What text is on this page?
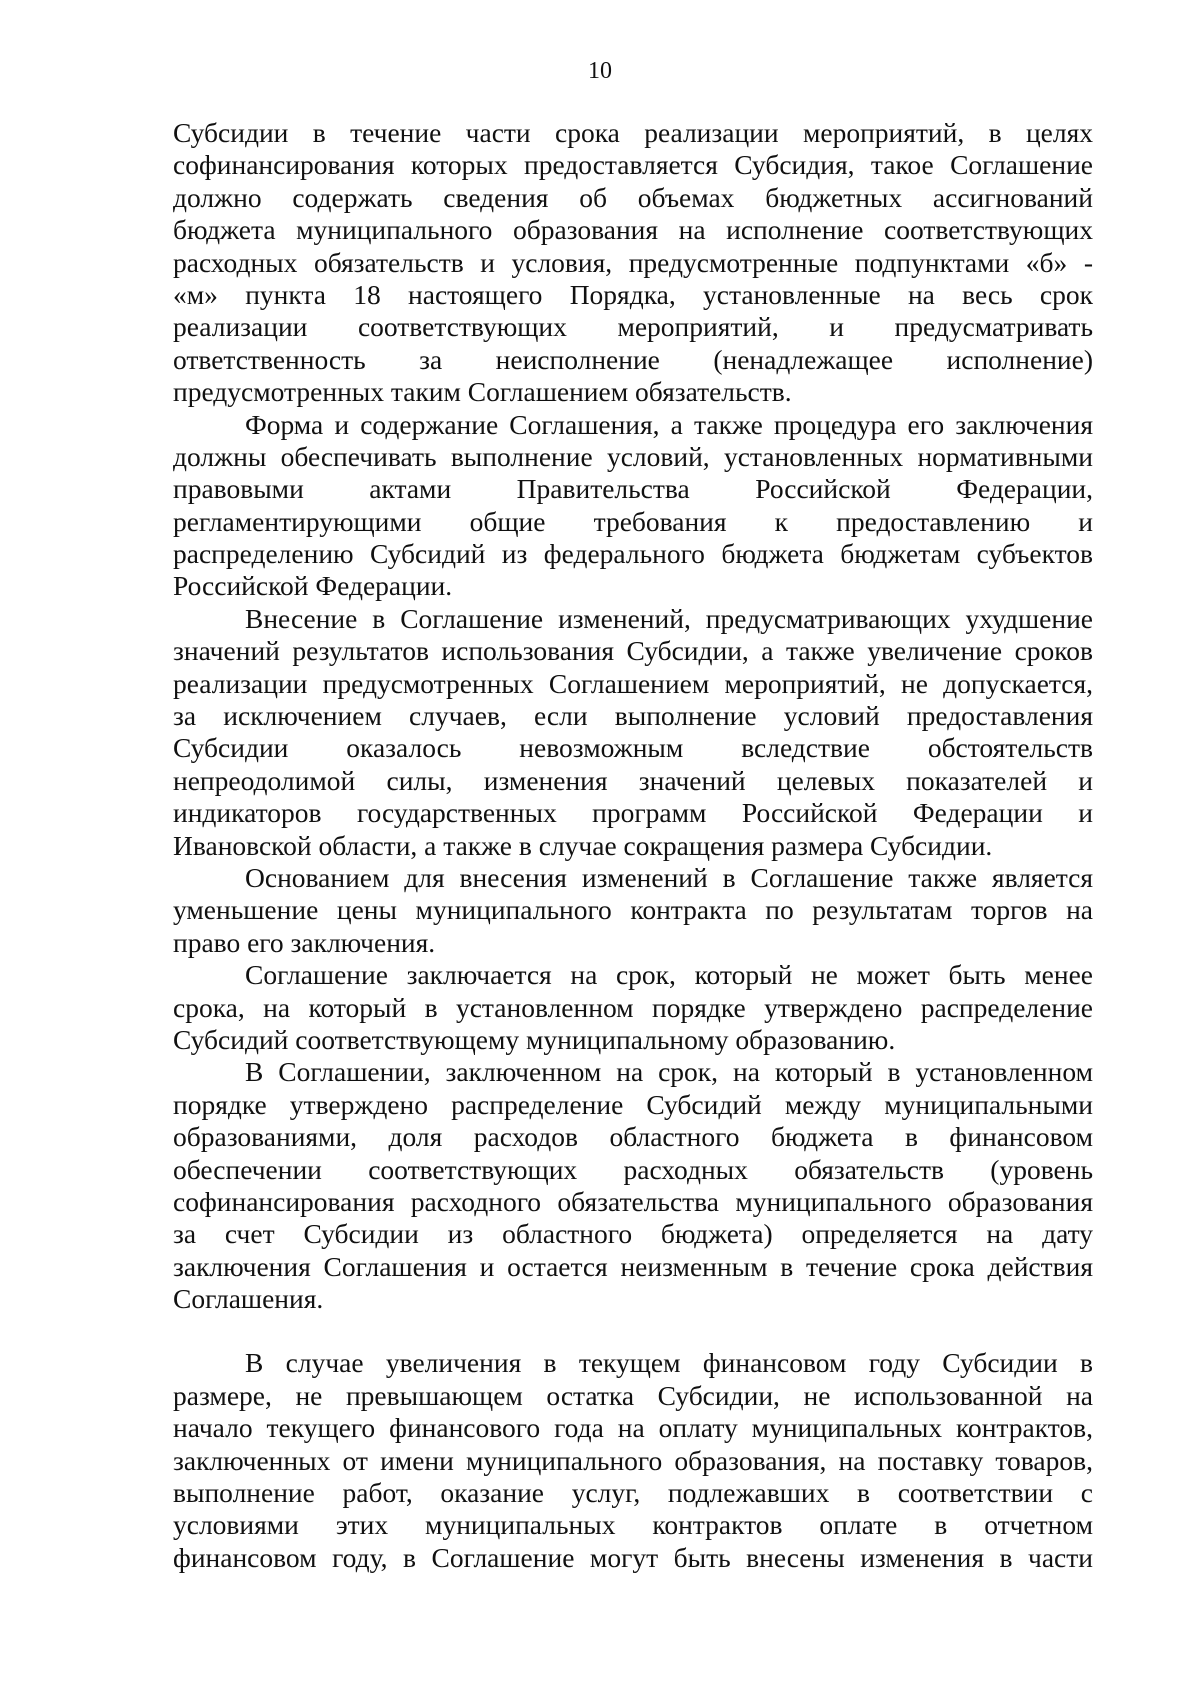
10

Субсидии в течение части срока реализации мероприятий, в целях
софинансирования которых предоставляется Субсидия, такое Соглашение
должно содержать сведения об объемах бюджетных ассигнований
бюджета муниципального образования на исполнение соответствующих
расходных обязательств и условия, предусмотренные подпунктами «б» -
«м» пункта 18 настоящего Порядка, установленные на весь срок
реализации соответствующих мероприятий, и предусматривать
ответственность за неисполнение (ненадлежащее исполнение)
предусмотренных таким Соглашением обязательств.

Форма и содержание Соглашения, а также процедура его заключения
должны обеспечивать выполнение условий, установленных нормативными
правовыми актами Правительства Российской Федерации,
регламентирующими общие требования к предоставлению и
распределению Субсидий из федерального бюджета бюджетам субъектов
Российской Федерации.

Внесение в Соглашение изменений, предусматривающих ухудшение
значений результатов использования Субсидии, а также увеличение сроков
реализации предусмотренных Соглашением мероприятий, не допускается,
за исключением случаев, если выполнение условий предоставления
Субсидии оказалось невозможным вследствие обстоятельств
непреодолимой силы, изменения значений целевых показателей и
индикаторов государственных программ Российской Федерации и
Ивановской области, а также в случае сокращения размера Субсидии.

Основанием для внесения изменений в Соглашение также является
уменьшение цены муниципального контракта по результатам торгов на
право его заключения.

Соглашение заключается на срок, который не может быть менее
срока, на который в установленном порядке утверждено распределение
Субсидий соответствующему муниципальному образованию.

В Соглашении, заключенном на срок, на который в установленном
порядке утверждено распределение Субсидий между муниципальными
образованиями, доля расходов областного бюджета в финансовом
обеспечении соответствующих расходных обязательств (уровень
софинансирования расходного обязательства муниципального образования
за счет Субсидии из областного бюджета) определяется на дату
заключения Соглашения и остается неизменным в течение срока действия
Соглашения.

В случае увеличения в текущем финансовом году Субсидии в
размере, не превышающем остатка Субсидии, не использованной на
начало текущего финансового года на оплату муниципальных контрактов,
заключенных от имени муниципального образования, на поставку товаров,
выполнение работ, оказание услуг, подлежавших в соответствии с
условиями этих муниципальных контрактов оплате в отчетном
финансовом году, в Соглашение могут быть внесены изменения в части
